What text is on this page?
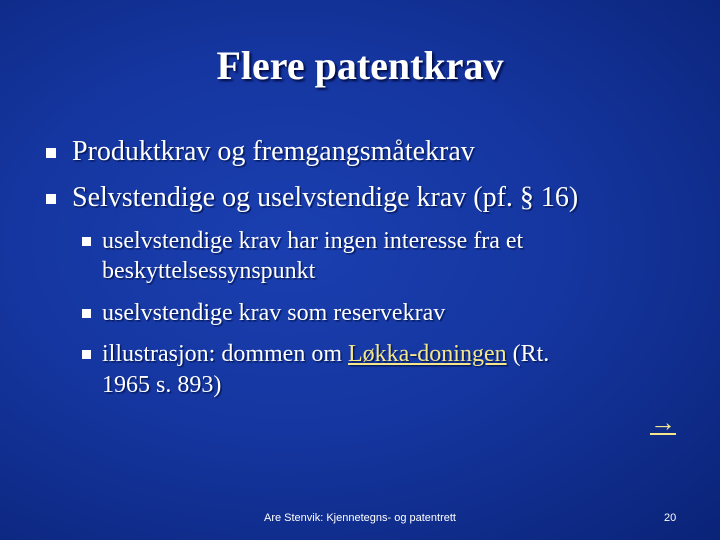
Flere patentkrav
Produktkrav og fremgangsmåtekrav
Selvstendige og uselvstendige krav (pf. § 16)
uselvstendige krav har ingen interesse fra et
beskyttelsessynspunkt
uselvstendige krav som reservekrav
illustrasjon: dommen om Løkka-doningen (Rt.
1965 s. 893)
→
Are Stenvik: Kjennetegns- og patentrett	20
